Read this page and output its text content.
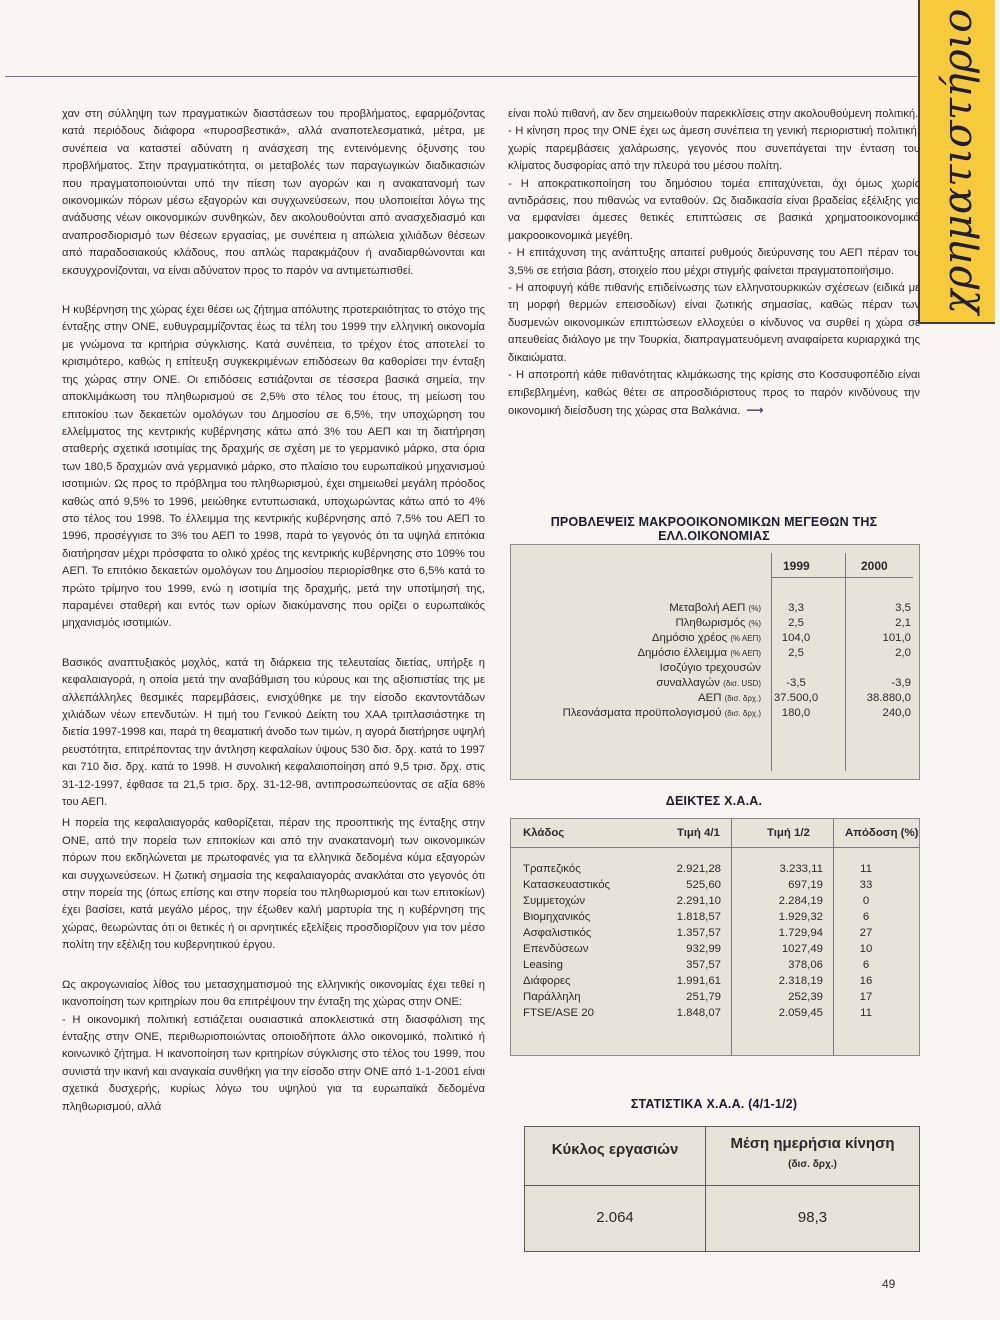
χρηματιστήριο

χαν στη σύλληψη των πραγματικών διαστάσεων του προβλήματος, εφαρμόζοντας κατά περιόδους διάφορα «πυροσβεστικά», αλλά αναποτελεσματικά, μέτρα, με συνέπεια να καταστεί αδύνατη η ανάσχεση της εντεινόμενης όξυνσης του προβλήματος. Στην πραγματικότητα, οι μεταβολές των παραγωγικών διαδικασιών που πραγματοποιούνται υπό την πίεση των αγορών και η ανακατανομή των οικονομικών πόρων μέσω εξαγορών και συγχωνεύσεων, που υλοποιείται λόγω της ανάδυσης νέων οικονομικών συνθηκών, δεν ακολουθούνται από ανασχεδιασμό και αναπροσδιορισμό των θέσεων εργασίας, με συνέπεια η απώλεια χιλιάδων θέσεων από παραδοσιακούς κλάδους, που απλώς παρακμάζουν ή αναδιαρθώνονται και εκσυγχρονίζονται, να είναι αδύνατον προς το παρόν να αντιμετωπισθεί.

Η κυβέρνηση της χώρας έχει θέσει ως ζήτημα απόλυτης προτεραιότητας το στόχο της ένταξης στην ΟΝΕ, ευθυγραμμίζοντας έως τα τέλη του 1999 την ελληνική οικονομία με γνώμονα τα κριτήρια σύγκλισης. Κατά συνέπεια, το τρέχον έτος αποτελεί το κρισιμότερο, καθώς η επίτευξη συγκεκριμένων επιδόσεων θα καθορίσει την ένταξη της χώρας στην ΟΝΕ. Οι επιδόσεις εστιάζονται σε τέσσερα βασικά σημεία, την αποκλιμάκωση του πληθωρισμού σε 2,5% στο τέλος του έτους, τη μείωση του επιτοκίου των δεκαετών ομολόγων του Δημοσίου σε 6,5%, την υποχώρηση του ελλείμματος της κεντρικής κυβέρνησης κάτω από 3% του ΑΕΠ και τη διατήρηση σταθερής σχετικά ισοτιμίας της δραχμής σε σχέση με το γερμανικό μάρκο, στα όρια των 180,5 δραχμών ανά γερμανικό μάρκο, στο πλαίσιο του ευρωπαϊκού μηχανισμού ισοτιμιών. Ως προς το πρόβλημα του πληθωρισμού, έχει σημειωθεί μεγάλη πρόοδος καθώς από 9,5% το 1996, μειώθηκε εντυπωσιακά, υποχωρώντας κάτω από το 4% στο τέλος του 1998. Το έλλειμμα της κεντρικής κυβέρνησης από 7,5% του ΑΕΠ το 1996, προσέγγισε το 3% του ΑΕΠ το 1998, παρά το γεγονός ότι τα υψηλά επιτόκια διατήρησαν μέχρι πρόσφατα το ολικό χρέος της κεντρικής κυβέρνησης στο 109% του ΑΕΠ. Το επιτόκιο δεκαετών ομολόγων του Δημοσίου περιορίσθηκε στο 6,5% κατά το πρώτο τρίμηνο του 1999, ενώ η ισοτιμία της δραχμής, μετά την υποτίμησή της, παραμένει σταθερή και εντός των ορίων διακύμανσης που ορίζει ο ευρωπαϊκός μηχανισμός ισοτιμιών.

Βασικός αναπτυξιακός μοχλός, κατά τη διάρκεια της τελευταίας διετίας, υπήρξε η κεφαλαιαγορά, η οποία μετά την αναβάθμιση του κύρους και της αξιοπιστίας της με αλλεπάλληλες θεσμικές παρεμβάσεις, ενισχύθηκε με την είσοδο εκαντοντάδων χιλιάδων νέων επενδυτών. Η τιμή του Γενικού Δείκτη του ΧΑΑ τριπλασιάστηκε τη διετία 1997-1998 και, παρά τη θεαματική άνοδο των τιμών, η αγορά διατήρησε υψηλή ρευστότητα, επιτρέποντας την άντληση κεφαλαίων ύψους 530 δισ. δρχ. κατά το 1997 και 710 δισ. δρχ. κατά το 1998. Η συνολική κεφαλαιοποίηση από 9,5 τρισ. δρχ. στις 31-12-1997, έφθασε τα 21,5 τρισ. δρχ. 31-12-98, αντιπροσωπεύοντας σε αξία 68% του ΑΕΠ.

Η πορεία της κεφαλαιαγοράς καθορίζεται, πέραν της προοπτικής της ένταξης στην ΟΝΕ, από την πορεία των επιτοκίων και από την ανακατανομή των οικονομικών πόρων που εκδηλώνεται με πρωτοφανές για τα ελληνικά δεδομένα κύμα εξαγορών και συγχωνεύσεων. Η ζωτική σημασία της κεφαλαιαγοράς ανακλάται στο γεγονός ότι στην πορεία της (όπως επίσης και στην πορεία του πληθωρισμού και των επιτοκίων) έχει βασίσει, κατά μεγάλο μέρος, την έξωθεν καλή μαρτυρία της η κυβέρνηση της χώρας, θεωρώντας ότι οι θετικές ή οι αρνητικές εξελίξεις προσδιορίζουν για τον μέσο πολίτη την εξέλιξη του κυβερνητικού έργου.

Ως ακρογωνιαίος λίθος του μετασχηματισμού της ελληνικής οικονομίας έχει τεθεί η ικανοποίηση των κριτηρίων που θα επιτρέψουν την ένταξη της χώρας στην ΟΝΕ:

- Η οικονομική πολιτική εστιάζεται ουσιαστικά αποκλειστικά στη διασφάλιση της ένταξης στην ΟΝΕ, περιθωριοποιώντας οποιοδήποτε άλλο οικονομικό, πολιτικό ή κοινωνικό ζήτημα. Η ικανοποίηση των κριτηρίων σύγκλισης στο τέλος του 1999, που συνιστά την ικανή και αναγκαία συνθήκη για την είσοδο στην ΟΝΕ από 1-1-2001 είναι σχετικά δυσχερής, κυρίως λόγω του υψηλού για τα ευρωπαϊκά δεδομένα πληθωρισμού, αλλά

είναι πολύ πιθανή, αν δεν σημειωθούν παρεκκλίσεις στην ακολουθούμενη πολιτική.

- Η κίνηση προς την ΟΝΕ έχει ως άμεση συνέπεια τη γενική περιοριστική πολιτική, χωρίς παρεμβάσεις χαλάρωσης, γεγονός που συνεπάγεται την ένταση του κλίματος δυσφορίας από την πλευρά του μέσου πολίτη.

- Η αποκρατικοποίηση του δημόσιου τομέα επιταχύνεται, όχι όμως χωρίς αντιδράσεις, που πιθανώς να ενταθούν. Ως διαδικασία είναι βραδείας εξέλιξης για να εμφανίσει άμεσες θετικές επιπτώσεις σε βασικά χρηματοοικονομικά μακροοικονομικά μεγέθη.

- Η επιτάχυνση της ανάπτυξης απαιτεί ρυθμούς διεύρυνσης του ΑΕΠ πέραν του 3,5% σε ετήσια βάση, στοιχείο που μέχρι στιγμής φαίνεται πραγματοποιήσιμο.

- Η αποφυγή κάθε πιθανής επιδείνωσης των ελληνοτουρκικών σχέσεων (ειδικά με τη μορφή θερμών επεισοδίων) είναι ζωτικής σημασίας, καθώς πέραν των δυσμενών οικονομικών επιπτώσεων ελλοχεύει ο κίνδυνος να συρθεί η χώρα σε απευθείας διάλογο με την Τουρκία, διαπραγματευόμενη αναφαίρετα κυριαρχικά της δικαιώματα.

- Η αποτροπή κάθε πιθανότητας κλιμάκωσης της κρίσης στο Κοσσυφοπέδιο είναι επιβεβλημένη, καθώς θέτει σε απροσδιόριστους προς το παρόν κινδύνους την οικονομική διείσδυση της χώρας στα Βαλκάνια. ⟶

ΠΡΟΒΛΕΨΕΙΣ ΜΑΚΡΟΟΙΚΟΝΟΜΙΚΩΝ ΜΕΓΕΘΩΝ ΤΗΣ ΕΛΛ.ΟΙΚΟΝΟΜΙΑΣ
1999	2000
Μεταβολή ΑΕΠ (%)	3,3	3,5
Πληθωρισμός (%)	2,5	2,1
Δημόσιο χρέος (% ΑΕΠ)	104,0	101,0
Δημόσιο έλλειμμα (% ΑΕΠ)	2,5	2,0
Ισοζύγιο τρεχουσών
συναλλαγών (δισ. USD)	-3,5	-3,9
ΑΕΠ (δισ. δρχ.)	37.500,0	38.880,0
Πλεονάσματα προϋπολογισμού (δισ. δρχ.)	180,0	240,0
ΔΕΙΚΤΕΣ Χ.Α.Α.
Κλάδος	Τιμή 4/1	Τιμή 1/2	Απόδοση (%)
Τραπεζικός	2.921,28	3.233,11	11
Κατασκευαστικός	525,60	697,19	33
Συμμετοχών	2.291,10	2.284,19	0
Βιομηχανικός	1.818,57	1.929,32	6
Ασφαλιστικός	1.357,57	1.729,94	27
Επενδύσεων	932,99	1027,49	10
Leasing	357,57	378,06	6
Διάφορες	1.991,61	2.318,19	16
Παράλληλη	251,79	252,39	17
FTSE/ASE 20	1.848,07	2.059,45	11
ΣΤΑΤΙΣΤΙΚΑ Χ.Α.Α. (4/1-1/2)
Κύκλος εργασιών	Μέση ημερήσια κίνηση
(δισ. δρχ.)
2.064	98,3
49
